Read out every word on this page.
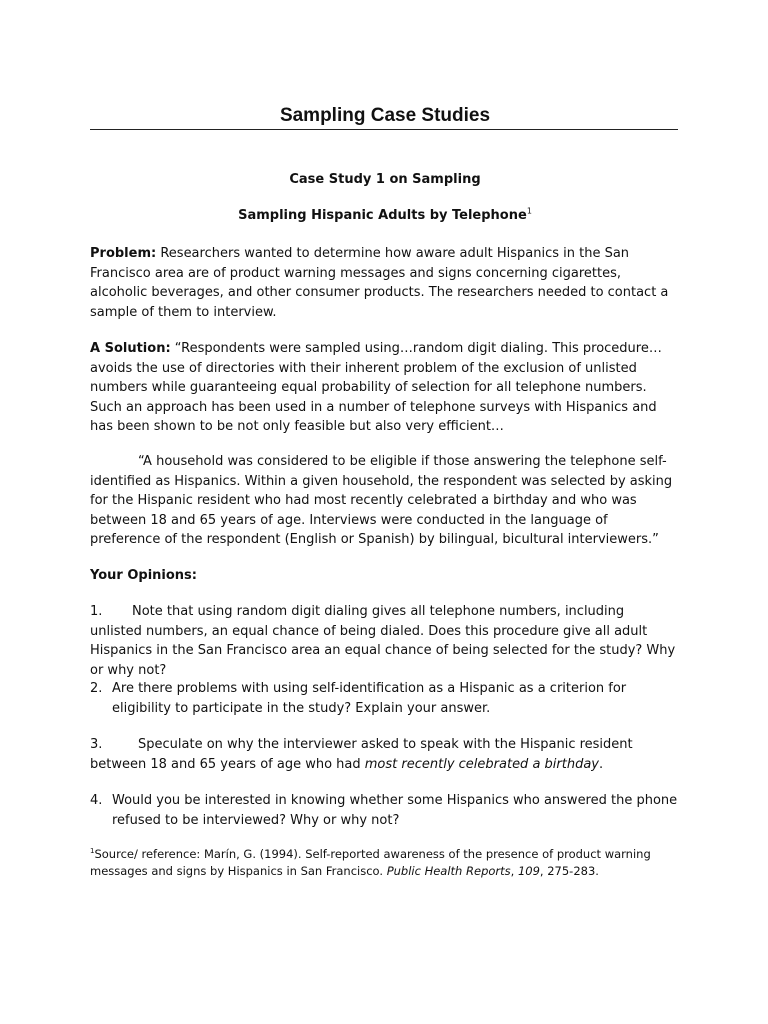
Sampling Case Studies

Case Study 1 on Sampling

Sampling Hispanic Adults by Telephone$^1$

Problem: Researchers wanted to determine how aware adult Hispanics in the San Francisco area are of product warning messages and signs concerning cigarettes, alcoholic beverages, and other consumer products. The researchers needed to contact a sample of them to interview.

A Solution: “Respondents were sampled using…random digit dialing. This procedure… avoids the use of directories with their inherent problem of the exclusion of unlisted numbers while guaranteeing equal probability of selection for all telephone numbers. Such an approach has been used in a number of telephone surveys with Hispanics and has been shown to be not only feasible but also very efficient…

“A household was considered to be eligible if those answering the telephone self-identified as Hispanics. Within a given household, the respondent was selected by asking for the Hispanic resident who had most recently celebrated a birthday and who was between 18 and 65 years of age. Interviews were conducted in the language of preference of the respondent (English or Spanish) by bilingual, bicultural interviewers.”

Your Opinions:

1. Note that using random digit dialing gives all telephone numbers, including unlisted numbers, an equal chance of being dialed. Does this procedure give all adult Hispanics in the San Francisco area an equal chance of being selected for the study? Why or why not?

2. Are there problems with using self-identification as a Hispanic as a criterion for eligibility to participate in the study? Explain your answer.

3.	Speculate on why the interviewer asked to speak with the Hispanic resident between 18 and 65 years of age who had most recently celebrated a birthday.

4. Would you be interested in knowing whether some Hispanics who answered the phone refused to be interviewed? Why or why not?

$^1$Source/ reference: Marín, G. (1994). Self-reported awareness of the presence of product warning messages and signs by Hispanics in San Francisco. Public Health Reports, 109, 275-283.
